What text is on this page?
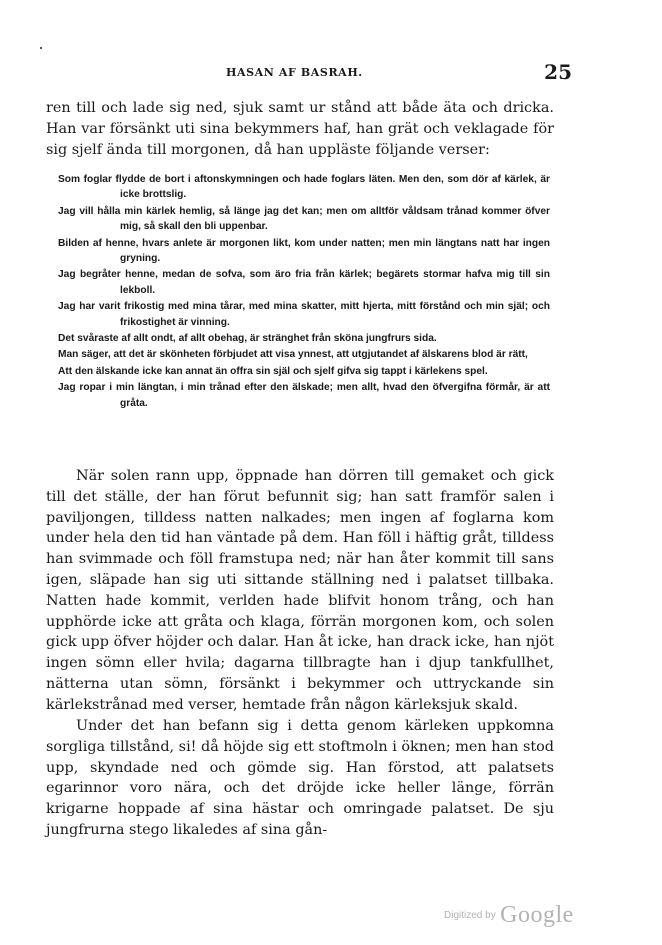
HASAN AF BASRAH.	25

ren till och lade sig ned, sjuk samt ur stånd att både äta och dricka. Han var försänkt uti sina bekymmers haf, han grät och veklagade för sig sjelf ända till morgonen, då han uppläste följande verser:

Som foglar flydde de bort i aftonskymningen och hade foglars läten. Men den, som dör af kärlek, är icke brottslig.

Jag vill hålla min kärlek hemlig, så länge jag det kan; men om alltför våldsam trånad kommer öfver mig, så skall den bli uppenbar.

Bilden af henne, hvars anlete är morgonen likt, kom under natten; men min längtans natt har ingen gryning.

Jag begråter henne, medan de sofva, som äro fria från kärlek; begärets stormar hafva mig till sin lekboll.

Jag har varit frikostig med mina tårar, med mina skatter, mitt hjerta, mitt förstånd och min själ; och frikostighet är vinning.

Det svåraste af allt ondt, af allt obehag, är stränghet från sköna jungfrurs sida.

Man säger, att det är skönheten förbjudet att visa ynnest, att utgjutandet af älskarens blod är rätt,

Att den älskande icke kan annat än offra sin själ och sjelf gifva sig tappt i kärlekens spel.

Jag ropar i min längtan, i min trånad efter den älskade; men allt, hvad den öfvergifna förmår, är att gråta.

När solen rann upp, öppnade han dörren till gemaket och gick till det ställe, der han förut befunnit sig; han satt framför salen i paviljongen, tilldess natten nalkades; men ingen af foglarna kom under hela den tid han väntade på dem. Han föll i häftig gråt, tilldess han svimmade och föll framstupa ned; när han åter kommit till sans igen, släpade han sig uti sittande ställning ned i palatset tillbaka. Natten hade kommit, verlden hade blifvit honom trång, och han upphörde icke att gråta och klaga, förrän morgonen kom, och solen gick upp öfver höjder och dalar. Han åt icke, han drack icke, han njöt ingen sömn eller hvila; dagarna tillbragte han i djup tankfullhet, nätterna utan sömn, försänkt i bekymmer och uttryckande sin kärlekstrånad med verser, hemtade från någon kärleksjuk skald.

Under det han befann sig i detta genom kärleken uppkomna sorgliga tillstånd, si! då höjde sig ett stoftmoln i öknen; men han stod upp, skyndade ned och gömde sig. Han förstod, att palatsets egarinnor voro nära, och det dröjde icke heller länge, förrän krigarne hoppade af sina hästar och omringade palatset. De sju jungfrurna stego likaledes af sina gån-

Digitized by Google
